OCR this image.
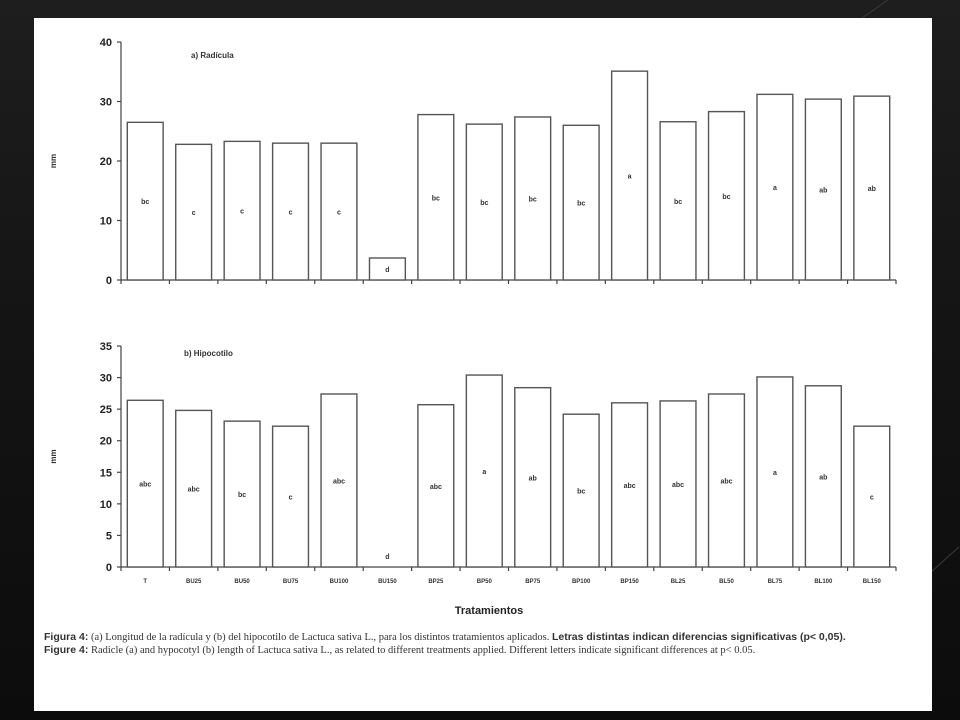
Tratamientos
0
10
20
30
40
mm
a) Radícula
bc
c	c	c	c
d
bc
bc
bc
bc
a
bc
bc
a	ab	ab
0
5
10
15
20
25
30
35
mm
b) Hipocotilo
abc
abc
bc	c
abc
d
abc
a
ab
bc
abc	abc	abc
a
ab
c
T	BU25	BU50	BU75	BU100	BU150	BP25	BP50	BP75	BP100	BP150	BL25	BL50	BL75	BL100	BL150

Figura 4: (a) Longitud de la radícula y (b) del hipocotilo de Lactuca sativa L., para los distintos tratamientos aplicados. Letras distintas indican diferencias significativas (p< 0,05).

Figure 4: Radicle (a) and hypocotyl (b) length of Lactuca sativa L., as related to different treatments applied. Different letters indicate significant differences at p< 0.05.
